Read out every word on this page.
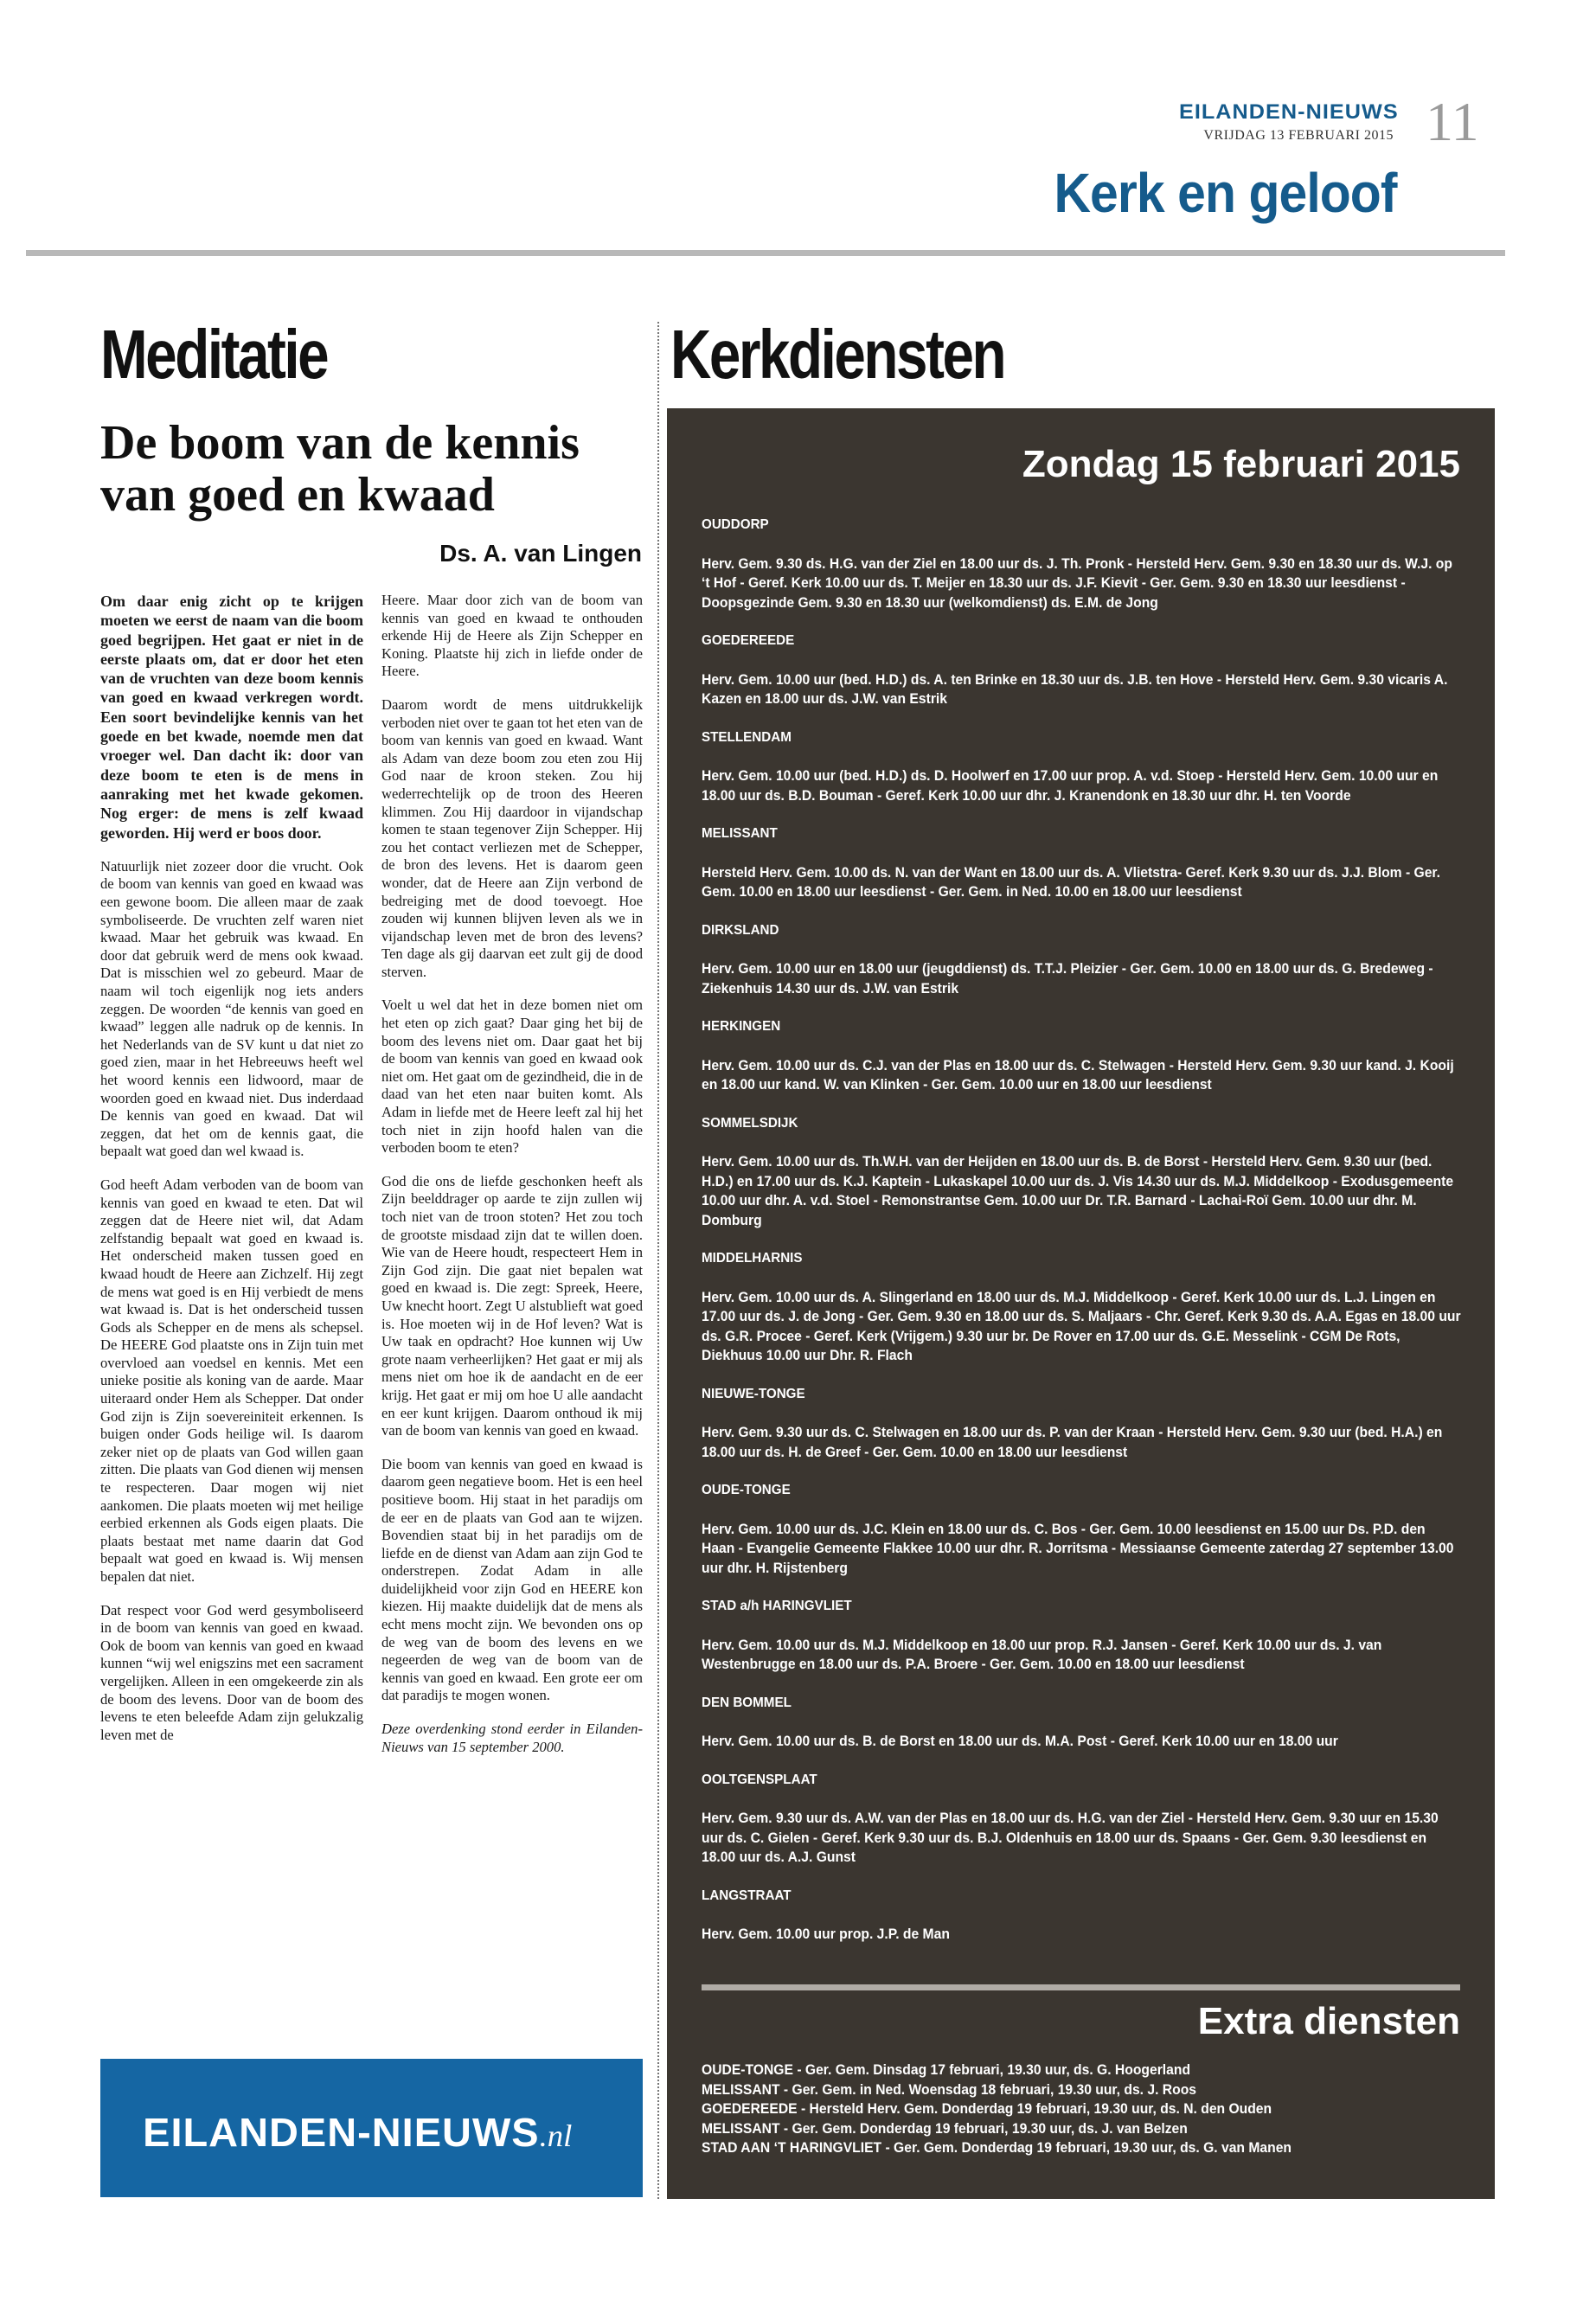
EILANDEN-NIEUWS
VRIJDAG 13 FEBRUARI 2015 11
Kerk en geloof
Meditatie	Kerkdiensten
De boom van de kennis van goed en kwaad
Ds. A. van Lingen

Om daar enig zicht op te krijgen moeten we eerst de naam van die boom goed begrijpen. Het gaat er niet in de eerste plaats om, dat er door het eten van de vruchten van deze boom kennis van goed en kwaad verkregen wordt. Een soort bevindelijke kennis van het goede en bet kwade, noemde men dat vroeger wel. Dan dacht ik: door van deze boom te eten is de mens in aanraking met het kwade gekomen. Nog erger: de mens is zelf kwaad geworden. Hij werd er boos door.

Natuurlijk niet zozeer door die vrucht. Ook de boom van kennis van goed en kwaad was een gewone boom. Die alleen maar de zaak symboliseerde. De vruchten zelf waren niet kwaad. Maar het gebruik was kwaad. En door dat gebruik werd de mens ook kwaad. Dat is misschien wel zo gebeurd. Maar de naam wil toch eigenlijk nog iets anders zeggen. De woorden “de kennis van goed en kwaad” leggen alle nadruk op de kennis. In het Nederlands van de SV kunt u dat niet zo goed zien, maar in het Hebreeuws heeft wel het woord kennis een lidwoord, maar de woorden goed en kwaad niet. Dus inderdaad De kennis van goed en kwaad. Dat wil zeggen, dat het om de kennis gaat, die bepaalt wat goed dan wel kwaad is.

God heeft Adam verboden van de boom van kennis van goed en kwaad te eten. Dat wil zeggen dat de Heere niet wil, dat Adam zelfstandig bepaalt wat goed en kwaad is. Het onderscheid maken tussen goed en kwaad houdt de Heere aan Zichzelf. Hij zegt de mens wat goed is en Hij verbiedt de mens wat kwaad is. Dat is het onderscheid tussen Gods als Schepper en de mens als schepsel. De HEERE God plaatste ons in Zijn tuin met overvloed aan voedsel en kennis. Met een unieke positie als koning van de aarde. Maar uiteraard onder Hem als Schepper. Dat onder God zijn is Zijn soevereiniteit erkennen. Is buigen onder Gods heilige wil. Is daarom zeker niet op de plaats van God willen gaan zitten. Die plaats van God dienen wij mensen te respecteren. Daar mogen wij niet aankomen. Die plaats moeten wij met heilige eerbied erkennen als Gods eigen plaats. Die plaats bestaat met name daarin dat God bepaalt wat goed en kwaad is. Wij mensen bepalen dat niet.

Dat respect voor God werd gesymboliseerd in de boom van kennis van goed en kwaad. Ook de boom van kennis van goed en kwaad kunnen “wij wel enigszins met een sacrament vergelijken. Alleen in een omgekeerde zin als de boom des levens. Door van de boom des levens te eten beleefde Adam zijn gelukzalig leven met de

Heere. Maar door zich van de boom van kennis van goed en kwaad te onthouden erkende Hij de Heere als Zijn Schepper en Koning. Plaatste hij zich in liefde onder de Heere.

Daarom wordt de mens uitdrukkelijk verboden niet over te gaan tot het eten van de boom van kennis van goed en kwaad. Want als Adam van deze boom zou eten zou Hij God naar de kroon steken. Zou hij wederrechtelijk op de troon des Heeren klimmen. Zou Hij daardoor in vijandschap komen te staan tegenover Zijn Schepper. Hij zou het contact verliezen met de Schepper, de bron des levens. Het is daarom geen wonder, dat de Heere aan Zijn verbond de bedreiging met de dood toevoegt. Hoe zouden wij kunnen blijven leven als we in vijandschap leven met de bron des levens? Ten dage als gij daarvan eet zult gij de dood sterven.

Voelt u wel dat het in deze bomen niet om het eten op zich gaat? Daar ging het bij de boom des levens niet om. Daar gaat het bij de boom van kennis van goed en kwaad ook niet om. Het gaat om de gezindheid, die in de daad van het eten naar buiten komt. Als Adam in liefde met de Heere leeft zal hij het toch niet in zijn hoofd halen van die verboden boom te eten?

God die ons de liefde geschonken heeft als Zijn beelddrager op aarde te zijn zullen wij toch niet van de troon stoten? Het zou toch de grootste misdaad zijn dat te willen doen. Wie van de Heere houdt, respecteert Hem in Zijn God zijn. Die gaat niet bepalen wat goed en kwaad is. Die zegt: Spreek, Heere, Uw knecht hoort. Zegt U alstublieft wat goed is. Hoe moeten wij in de Hof leven? Wat is Uw taak en opdracht? Hoe kunnen wij Uw grote naam verheerlijken? Het gaat er mij als mens niet om hoe ik de aandacht en de eer krijg. Het gaat er mij om hoe U alle aandacht en eer kunt krijgen. Daarom onthoud ik mij van de boom van kennis van goed en kwaad.

Die boom van kennis van goed en kwaad is daarom geen negatieve boom. Het is een heel positieve boom. Hij staat in het paradijs om de eer en de plaats van God aan te wijzen. Bovendien staat bij in het paradijs om de liefde en de dienst van Adam aan zijn God te onderstrepen. Zodat Adam in alle duidelijkheid voor zijn God en HEERE kon kiezen. Hij maakte duidelijk dat de mens als echt mens mocht zijn. We bevonden ons op de weg van de boom des levens en we negeerden de weg van de boom van de kennis van goed en kwaad. Een grote eer om dat paradijs te mogen wonen.

Deze overdenking stond eerder in Eilanden-Nieuws van 15 september 2000.

EILANDEN-NIEUWS.nl
Zondag 15 februari 2015
OUDDORP
Herv. Gem. 9.30 ds. H.G. van der Ziel en 18.00 uur ds. J. Th. Pronk - Hersteld Herv. Gem. 9.30 en 18.30 uur ds. W.J. op ‘t Hof - Geref. Kerk 10.00 uur ds. T. Meijer en 18.30 uur ds. J.F. Kievit - Ger. Gem. 9.30 en 18.30 uur leesdienst - Doopsgezinde Gem. 9.30 en 18.30 uur (welkomdienst) ds. E.M. de Jong
GOEDEREEDE
Herv. Gem. 10.00 uur (bed. H.D.) ds. A. ten Brinke en 18.30 uur ds. J.B. ten Hove - Hersteld Herv. Gem. 9.30 vicaris A. Kazen en 18.00 uur ds. J.W. van Estrik
STELLENDAM
Herv. Gem. 10.00 uur (bed. H.D.) ds. D. Hoolwerf en 17.00 uur prop. A. v.d. Stoep - Hersteld Herv. Gem. 10.00 uur en 18.00 uur ds. B.D. Bouman - Geref. Kerk 10.00 uur dhr. J. Kranendonk en 18.30 uur dhr. H. ten Voorde
MELISSANT
Hersteld Herv. Gem. 10.00 ds. N. van der Want en 18.00 uur ds. A. Vlietstra- Geref. Kerk 9.30 uur ds. J.J. Blom - Ger. Gem. 10.00 en 18.00 uur leesdienst - Ger. Gem. in Ned. 10.00 en 18.00 uur leesdienst
DIRKSLAND
Herv. Gem. 10.00 uur en 18.00 uur (jeugddienst) ds. T.T.J. Pleizier - Ger. Gem. 10.00 en 18.00 uur ds. G. Bredeweg - Ziekenhuis 14.30 uur ds. J.W. van Estrik
HERKINGEN
Herv. Gem. 10.00 uur ds. C.J. van der Plas en 18.00 uur ds. C. Stelwagen - Hersteld Herv. Gem. 9.30 uur kand. J. Kooij en 18.00 uur kand. W. van Klinken - Ger. Gem. 10.00 uur en 18.00 uur leesdienst
SOMMELSDIJK
Herv. Gem. 10.00 uur ds. Th.W.H. van der Heijden en 18.00 uur ds. B. de Borst - Hersteld Herv. Gem. 9.30 uur (bed. H.D.) en 17.00 uur ds. K.J. Kaptein - Lukaskapel 10.00 uur ds. J. Vis 14.30 uur ds. M.J. Middelkoop - Exodusgemeente 10.00 uur dhr. A. v.d. Stoel - Remonstrantse Gem. 10.00 uur Dr. T.R. Barnard - Lachai-Roï Gem. 10.00 uur dhr. M. Domburg
MIDDELHARNIS
Herv. Gem. 10.00 uur ds. A. Slingerland en 18.00 uur ds. M.J. Middelkoop - Geref. Kerk 10.00 uur ds. L.J. Lingen en 17.00 uur ds. J. de Jong - Ger. Gem. 9.30 en 18.00 uur ds. S. Maljaars - Chr. Geref. Kerk 9.30 ds. A.A. Egas en 18.00 uur ds. G.R. Procee - Geref. Kerk (Vrijgem.) 9.30 uur br. De Rover en 17.00 uur ds. G.E. Messelink - CGM De Rots, Diekhuus 10.00 uur Dhr. R. Flach
NIEUWE-TONGE
Herv. Gem. 9.30 uur ds. C. Stelwagen en 18.00 uur ds. P. van der Kraan - Hersteld Herv. Gem. 9.30 uur (bed. H.A.) en 18.00 uur ds. H. de Greef - Ger. Gem. 10.00 en 18.00 uur leesdienst
OUDE-TONGE
Herv. Gem. 10.00 uur ds. J.C. Klein en 18.00 uur ds. C. Bos - Ger. Gem. 10.00 leesdienst en 15.00 uur Ds. P.D. den Haan - Evangelie Gemeente Flakkee 10.00 uur dhr. R. Jorritsma - Messiaanse Gemeente zaterdag 27 september 13.00 uur dhr. H. Rijstenberg
STAD a/h HARINGVLIET
Herv. Gem. 10.00 uur ds. M.J. Middelkoop en 18.00 uur prop. R.J. Jansen - Geref. Kerk 10.00 uur ds. J. van Westenbrugge en 18.00 uur ds. P.A. Broere - Ger. Gem. 10.00 en 18.00 uur leesdienst
DEN BOMMEL
Herv. Gem. 10.00 uur ds. B. de Borst en 18.00 uur ds. M.A. Post - Geref. Kerk 10.00 uur en 18.00 uur
OOLTGENSPLAAT
Herv. Gem. 9.30 uur ds. A.W. van der Plas en 18.00 uur ds. H.G. van der Ziel - Hersteld Herv. Gem. 9.30 uur en 15.30 uur ds. C. Gielen - Geref. Kerk 9.30 uur ds. B.J. Oldenhuis en 18.00 uur ds. Spaans - Ger. Gem. 9.30 leesdienst en 18.00 uur ds. A.J. Gunst
LANGSTRAAT
Herv. Gem. 10.00 uur prop. J.P. de Man
Extra diensten
OUDE-TONGE - Ger. Gem. Dinsdag 17 februari, 19.30 uur, ds. G. Hoogerland
MELISSANT - Ger. Gem. in Ned. Woensdag 18 februari, 19.30 uur, ds. J. Roos
GOEDEREEDE - Hersteld Herv. Gem. Donderdag 19 februari, 19.30 uur, ds. N. den Ouden
MELISSANT - Ger. Gem. Donderdag 19 februari, 19.30 uur, ds. J. van Belzen
STAD AAN ‘T HARINGVLIET - Ger. Gem. Donderdag 19 februari, 19.30 uur, ds. G. van Manen
